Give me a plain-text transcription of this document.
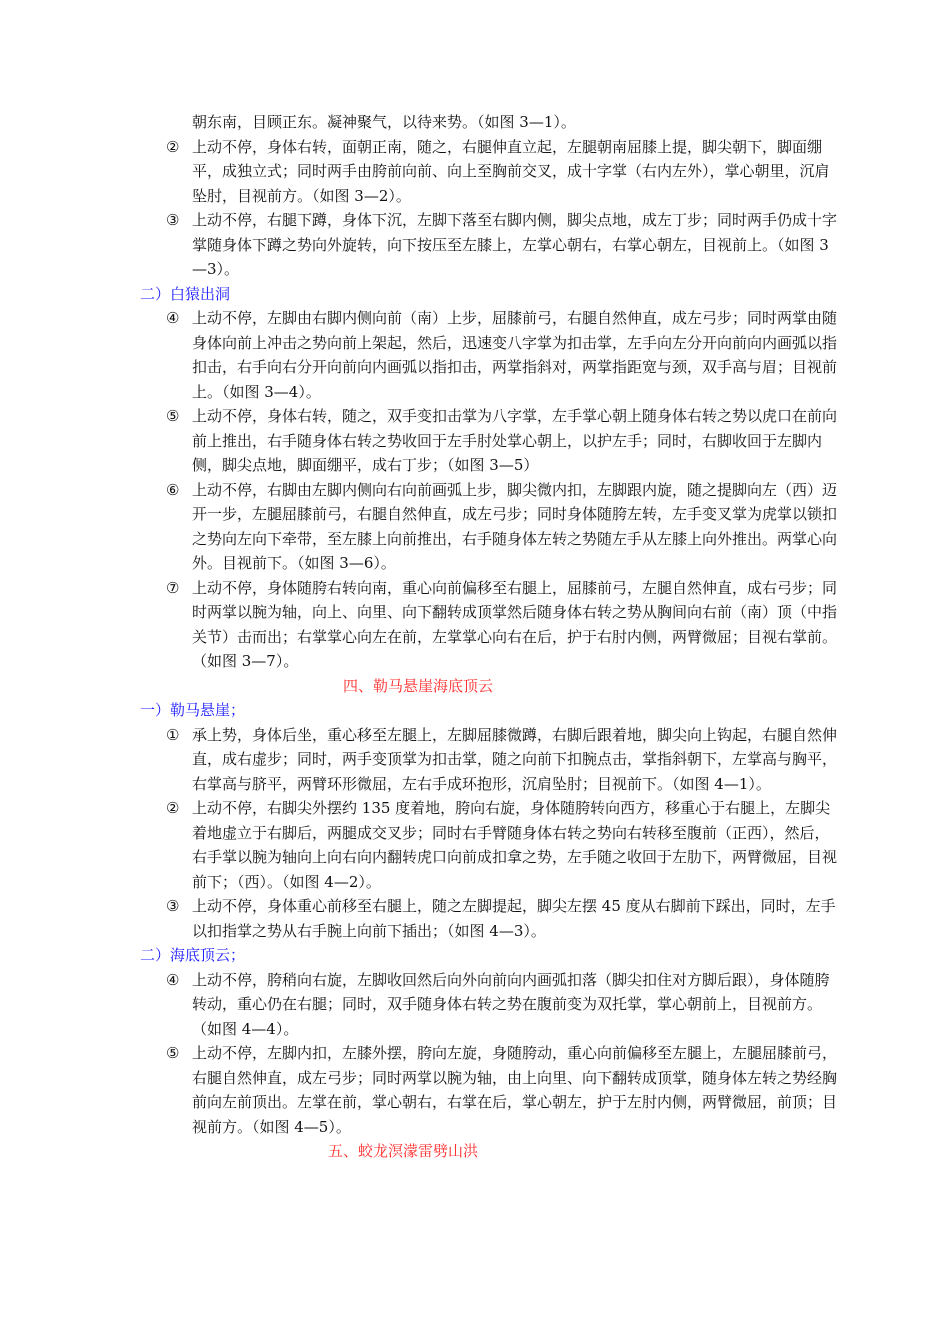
朝东南，目顾正东。凝神聚气，以待来势。（如图 3—1）。
② 上动不停，身体右转，面朝正南，随之，右腿伸直立起，左腿朝南屈膝上提，脚尖朝下，脚面绷平，成独立式；同时两手由胯前向前、向上至胸前交叉，成十字掌（右内左外），掌心朝里，沉肩坠肘，目视前方。（如图 3—2）。
③ 上动不停，右腿下蹲，身体下沉，左脚下落至右脚内侧，脚尖点地，成左丁步；同时两手仍成十字掌随身体下蹲之势向外旋转，向下按压至左膝上，左掌心朝右，右掌心朝左，目视前上。（如图 3—3）。
二）白猿出洞
④ 上动不停，左脚由右脚内侧向前（南）上步，屈膝前弓，右腿自然伸直，成左弓步；同时两掌由随身体向前上冲击之势向前上架起，然后，迅速变八字掌为扣击掌，左手向左分开向前向内画弧以指扣击，右手向右分开向前向内画弧以指扣击，两掌指斜对，两掌指距宽与颈，双手高与眉；目视前上。（如图 3—4）。
⑤ 上动不停，身体右转，随之，双手变扣击掌为八字掌，左手掌心朝上随身体右转之势以虎口在前向前上推出，右手随身体右转之势收回于左手肘处掌心朝上，以护左手；同时，右脚收回于左脚内侧，脚尖点地，脚面绷平，成右丁步；（如图 3—5）
⑥ 上动不停，右脚由左脚内侧向右向前画弧上步，脚尖微内扣，左脚跟内旋，随之提脚向左（西）迈开一步，左腿屈膝前弓，右腿自然伸直，成左弓步；同时身体随胯左转，左手变叉掌为虎掌以锁扣之势向左向下牵带，至左膝上向前推出，右手随身体左转之势随左手从左膝上向外推出。两掌心向外。目视前下。（如图 3—6）。
⑦ 上动不停，身体随胯右转向南，重心向前偏移至右腿上，屈膝前弓，左腿自然伸直，成右弓步；同时两掌以腕为轴，向上、向里、向下翻转成顶掌然后随身体右转之势从胸间向右前（南）顶（中指关节）击而出；右掌掌心向左在前，左掌掌心向右在后，护于右肘内侧，两臂微屈；目视右掌前。（如图 3—7）。
四、勒马悬崖海底顶云
一）勒马悬崖；
① 承上势，身体后坐，重心移至左腿上，左脚屈膝微蹲，右脚后跟着地，脚尖向上钩起，右腿自然伸直，成右虚步；同时，两手变顶掌为扣击掌，随之向前下扣腕点击，掌指斜朝下，左掌高与胸平，右掌高与脐平，两臂环形微屈，左右手成环抱形，沉肩坠肘；目视前下。（如图 4—1）。
② 上动不停，右脚尖外摆约 135 度着地，胯向右旋，身体随胯转向西方，移重心于右腿上，左脚尖着地虚立于右脚后，两腿成交叉步；同时右手臂随身体右转之势向右转移至腹前（正西），然后，右手掌以腕为轴向上向右向内翻转虎口向前成扣拿之势，左手随之收回于左肋下，两臂微屈，目视前下；（西）。（如图 4—2）。
③ 上动不停，身体重心前移至右腿上，随之左脚提起，脚尖左摆 45 度从右脚前下踩出，同时，左手以扣指掌之势从右手腕上向前下插出；（如图 4—3）。
二）海底顶云；
④ 上动不停，胯稍向右旋，左脚收回然后向外向前向内画弧扣落（脚尖扣住对方脚后跟），身体随胯转动，重心仍在右腿；同时，双手随身体右转之势在腹前变为双托掌，掌心朝前上，目视前方。（如图 4—4）。
⑤ 上动不停，左脚内扣，左膝外摆，胯向左旋，身随胯动，重心向前偏移至左腿上，左腿屈膝前弓，右腿自然伸直，成左弓步；同时两掌以腕为轴，由上向里、向下翻转成顶掌，随身体左转之势经胸前向左前顶出。左掌在前，掌心朝右，右掌在后，掌心朝左，护于左肘内侧，两臂微屈，前顶；目视前方。（如图 4—5）。
五、蛟龙溟濛雷劈山洪
